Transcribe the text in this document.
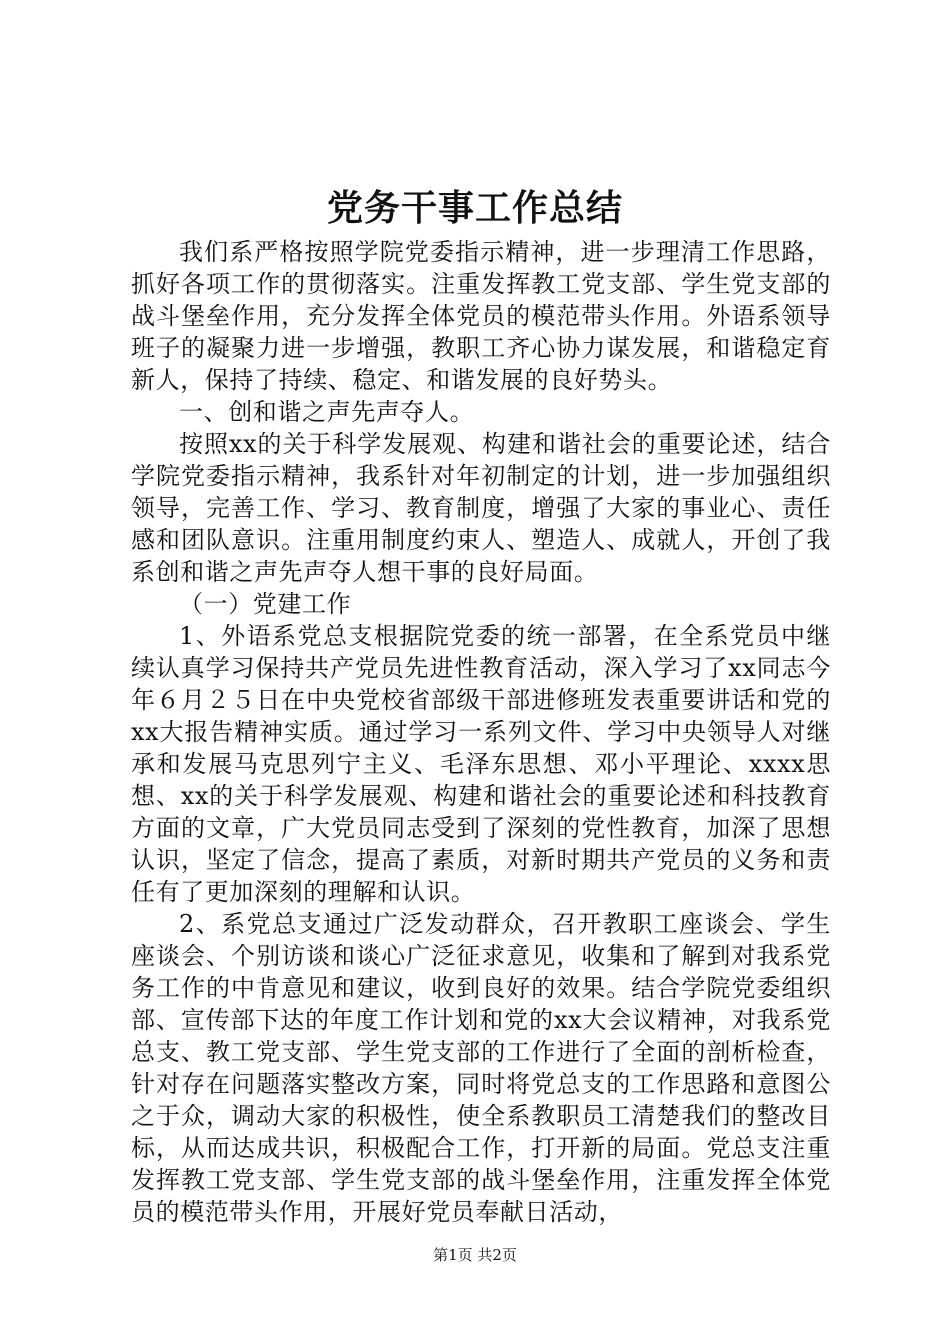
党务干事工作总结

我们系严格按照学院党委指示精神，进一步理清工作思路，抓好各项工作的贯彻落实。注重发挥教工党支部、学生党支部的战斗堡垒作用，充分发挥全体党员的模范带头作用。外语系领导班子的凝聚力进一步增强，教职工齐心协力谋发展，和谐稳定育新人，保持了持续、稳定、和谐发展的良好势头。

一、创和谐之声先声夺人。

按照xx的关于科学发展观、构建和谐社会的重要论述，结合学院党委指示精神，我系针对年初制定的计划，进一步加强组织领导，完善工作、学习、教育制度，增强了大家的事业心、责任感和团队意识。注重用制度约束人、塑造人、成就人，开创了我系创和谐之声先声夺人想干事的良好局面。

（一）党建工作

1、外语系党总支根据院党委的统一部署，在全系党员中继续认真学习保持共产党员先进性教育活动，深入学习了xx同志今年６月２５日在中央党校省部级干部进修班发表重要讲话和党的xx大报告精神实质。通过学习一系列文件、学习中央领导人对继承和发展马克思列宁主义、毛泽东思想、邓小平理论、xxxx思想、xx的关于科学发展观、构建和谐社会的重要论述和科技教育方面的文章，广大党员同志受到了深刻的党性教育，加深了思想认识，坚定了信念，提高了素质，对新时期共产党员的义务和责任有了更加深刻的理解和认识。

2、系党总支通过广泛发动群众，召开教职工座谈会、学生座谈会、个别访谈和谈心广泛征求意见，收集和了解到对我系党务工作的中肯意见和建议，收到良好的效果。结合学院党委组织部、宣传部下达的年度工作计划和党的xx大会议精神，对我系党总支、教工党支部、学生党支部的工作进行了全面的剖析检查，针对存在问题落实整改方案，同时将党总支的工作思路和意图公之于众，调动大家的积极性，使全系教职员工清楚我们的整改目标，从而达成共识，积极配合工作，打开新的局面。党总支注重发挥教工党支部、学生党支部的战斗堡垒作用，注重发挥全体党员的模范带头作用，开展好党员奉献日活动，

第1页 共2页
